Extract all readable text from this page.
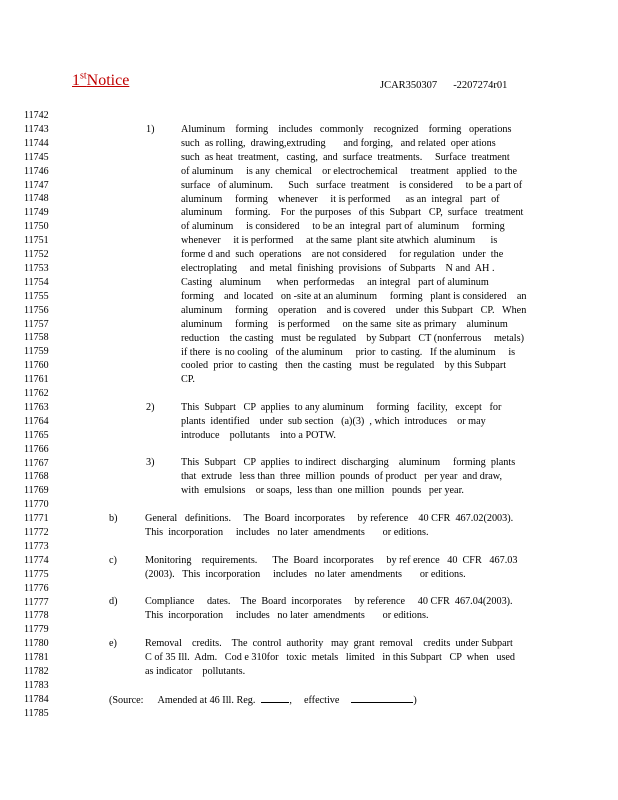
1stNotice	JCAR350307 -2207274r01
11742
11743
11744
11745
11746
11747
11748
11749
11750
11751
11752
11753
11754
11755
11756
11757
11758
11759
11760
11761
11762
11763
11764
11765
11766
11767
11768
11769
11770
11771
11772
11773
11774
11775
11776
11777
11778
11779
11780
11781
11782
11783
11784
11785
1)	Aluminum    forming    includes   commonly    recognized    forming   operations
such  as rolling,  drawing,extruding       and forging,   and related  oper ations
such  as heat  treatment,   casting,  and  surface  treatments.     Surface  treatment
of aluminum     is any  chemical    or electrochemical     treatment   applied   to the
surface   of aluminum.      Such   surface  treatment    is considered     to be a part of
aluminum     forming    whenever     it is performed      as an  integral   part  of
aluminum     forming.    For  the purposes   of this  Subpart   CP,  surface   treatment
of aluminum     is considered     to be an  integral  part of  aluminum     forming
whenever     it is performed     at the same  plant site atwhich  aluminum      is
forme d and  such  operations    are not considered     for regulation   under  the
electroplating     and  metal  finishing  provisions   of Subparts    N and  AH .
Casting   aluminum      when  performedas     an integral   part of aluminum
forming    and  located   on -site at an aluminum     forming   plant is considered    an
aluminum     forming    operation    and is covered    under  this Subpart   CP.   When
aluminum     forming    is performed     on the same  site as primary    aluminum
reduction    the casting   must  be regulated    by Subpart   CT (nonferrous     metals)
if there  is no cooling   of the aluminum     prior  to casting.   If the aluminum     is
cooled  prior  to casting   then  the casting   must  be regulated    by this Subpart
CP.
2)	This  Subpart   CP  applies  to any aluminum     forming   facility,   except   for
plants  identified    under  sub section   (a)(3)  , which  introduces    or may
introduce    pollutants    into a POTW.
3)	This  Subpart   CP  applies  to indirect  discharging    aluminum     forming  plants
that  extrude   less than  three  million  pounds  of product   per year  and draw,
with  emulsions    or soaps,  less than  one million   pounds   per year.
b)	General   definitions.     The  Board  incorporates     by reference    40 CFR  467.02(2003).
This  incorporation     includes   no later  amendments       or editions.
c)	Monitoring    requirements.      The  Board  incorporates     by ref erence   40  CFR   467.03
(2003).   This  incorporation     includes   no later  amendments       or editions.
d)	Compliance     dates.    The  Board  incorporates     by reference     40 CFR  467.04(2003).
This  incorporation     includes   no later  amendments       or editions.
e)	Removal    credits.    The  control  authority   may  grant  removal    credits  under Subpart
C of 35 Ill.  Adm.   Cod e 310for   toxic  metals   limited   in this Subpart   CP  when   used
as indicator    pollutants.
(Source: Amended at 46 Ill. Reg.	, effective	)
